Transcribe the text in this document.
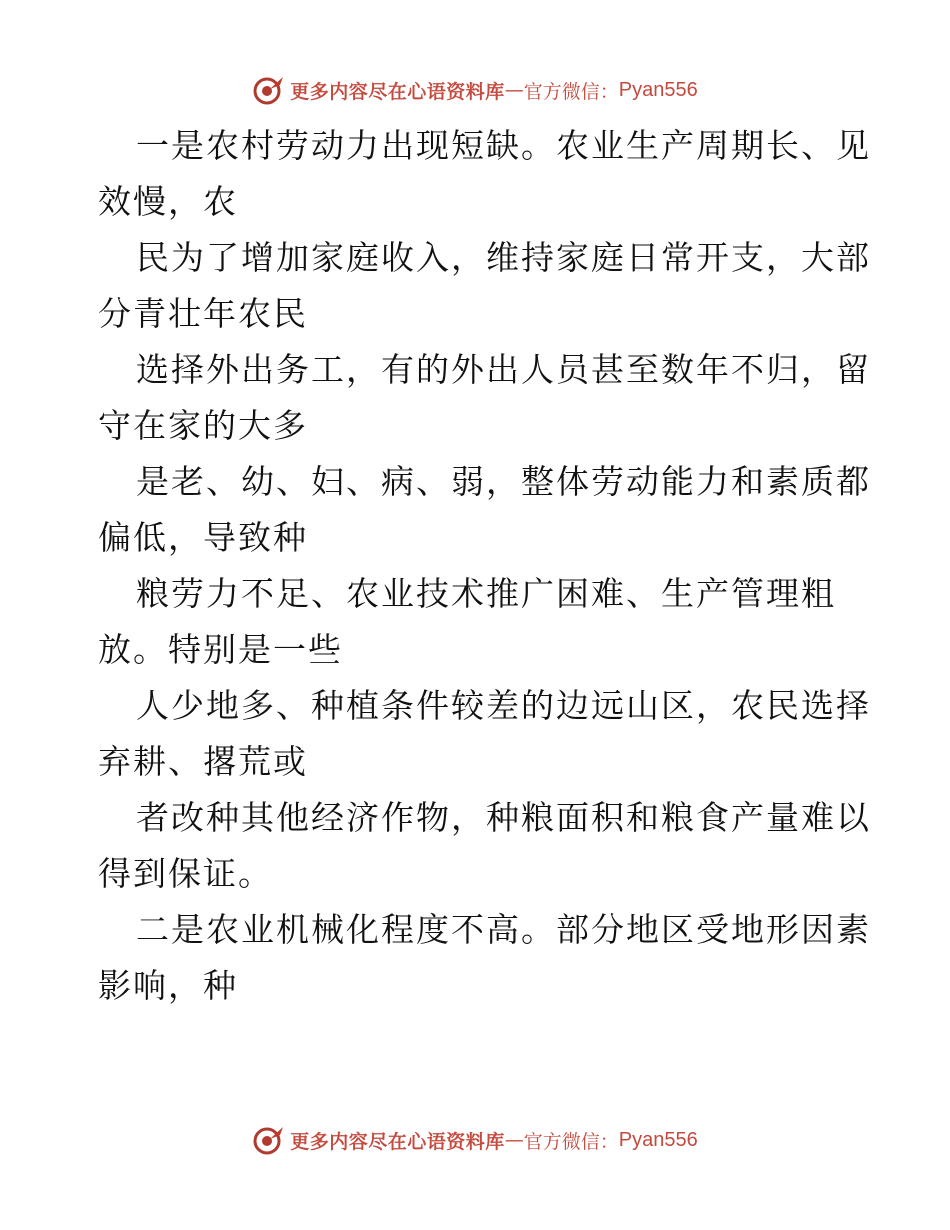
更多内容尽在心语资料库 — 官方微信： Pyan556
一是农村劳动力出现短缺。农业生产周期长、见
效慢，农
民为了增加家庭收入，维持家庭日常开支，大部
分青壮年农民
选择外出务工，有的外出人员甚至数年不归，留
守在家的大多
是老、幼、妇、病、弱，整体劳动能力和素质都
偏低，导致种
粮劳力不足、农业技术推广困难、生产管理粗
放。特别是一些
人少地多、种植条件较差的边远山区，农民选择
弃耕、撂荒或
者改种其他经济作物，种粮面积和粮食产量难以
得到保证。
二是农业机械化程度不高。部分地区受地形因素
影响，种
更多内容尽在心语资料库 — 官方微信： Pyan556
